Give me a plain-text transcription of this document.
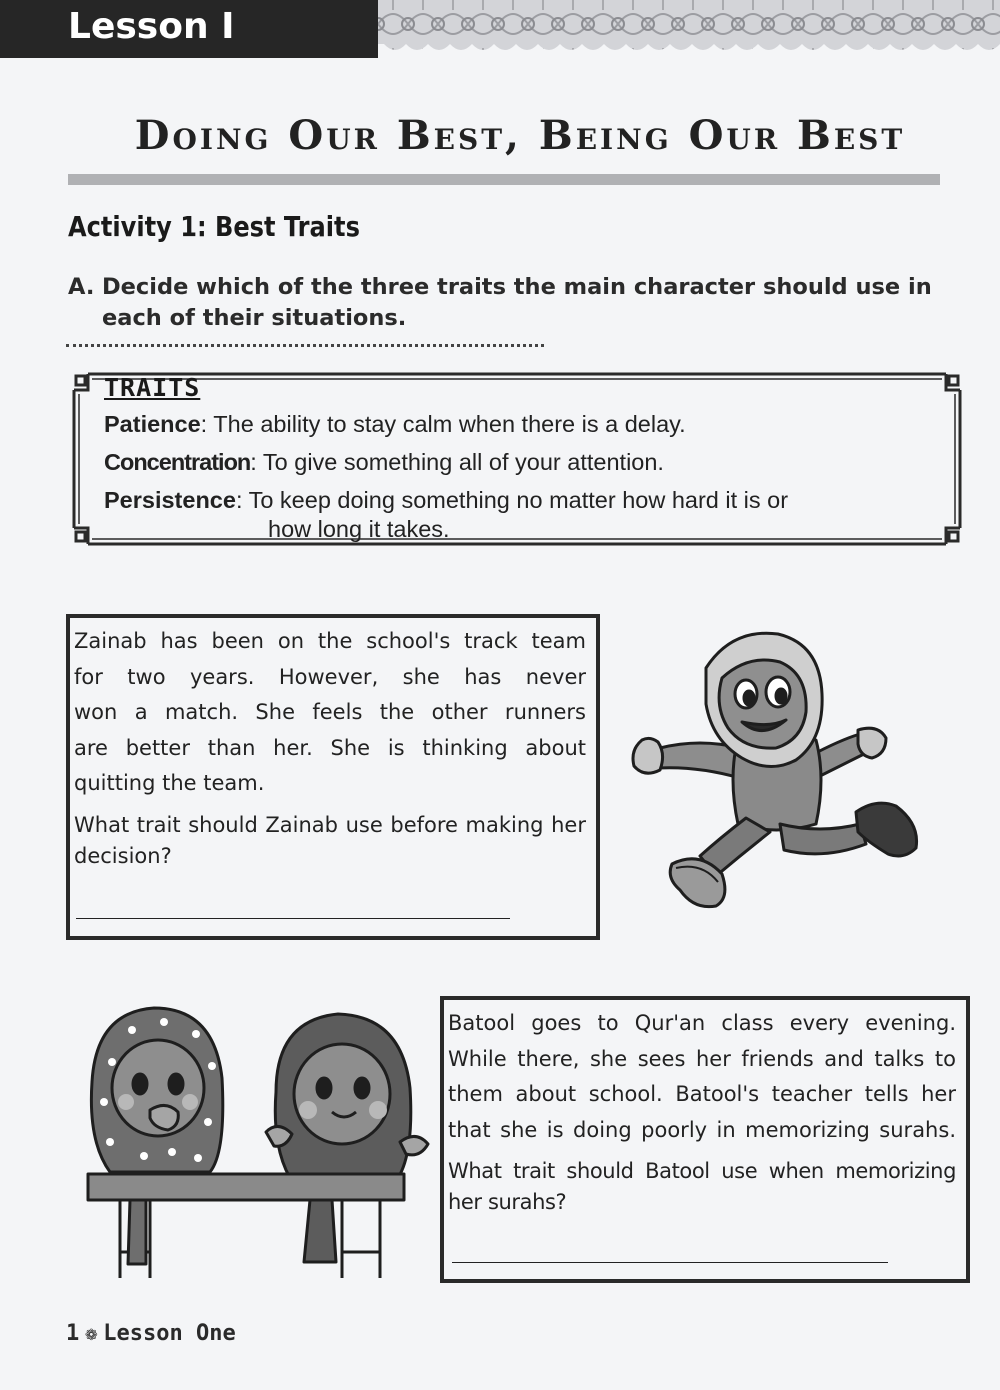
Lesson I
Doing Our Best, Being Our Best
Activity 1: Best Traits

A. Decide which of the three traits the main character should use in
each of their situations.

TRAITS

Patience: The ability to stay calm when there is a delay.

Concentration: To give something all of your attention.

Persistence: To keep doing something no matter how hard it is or

how long it takes.

Zainab has been on the school's track team

for two years. However, she has never

won a match. She feels the other runners

are better than her. She is thinking about

quitting the team.

What trait should Zainab use before making her decision?

Batool goes to Qur'an class every evening.

While there, she sees her friends and talks to

them about school. Batool's teacher tells her

that she is doing poorly in memorizing surahs.

What trait should Batool use when memorizing her surahs?

1 ❁ Lesson One
